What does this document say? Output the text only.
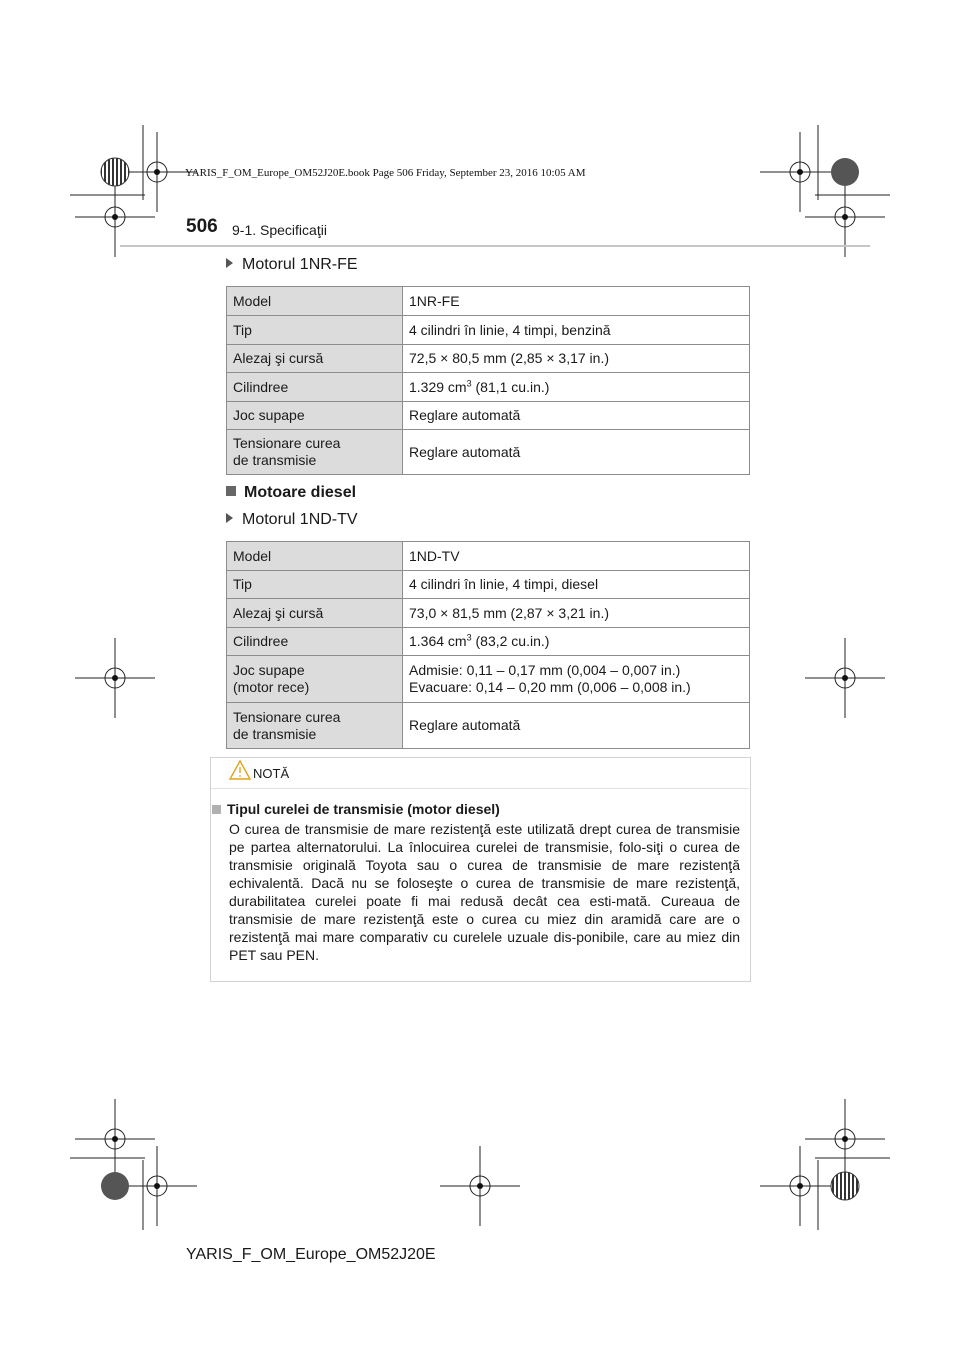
YARIS_F_OM_Europe_OM52J20E.book Page 506 Friday, September 23, 2016 10:05 AM
506 9-1. Specificaţii
Motorul 1NR-FE
Model	1NR-FE
Tip	4 cilindri în linie, 4 timpi, benzină
Alezaj şi cursă	72,5 × 80,5 mm (2,85 × 3,17 in.)
Cilindree	1.329 $cm^3$ (81,1 cu.in.)
Joc supape	Reglare automată
Tensionare curea
de transmisie	Reglare automată
Motoare diesel
Motorul 1ND-TV
Model	1ND-TV
Tip	4 cilindri în linie, 4 timpi, diesel
Alezaj şi cursă	73,0 × 81,5 mm (2,87 × 3,21 in.)
Cilindree	1.364 $cm^3$ (83,2 cu.in.)
Joc supape
(motor rece)	Admisie: 0,11 – 0,17 mm (0,004 – 0,007 in.)
Evacuare: 0,14 – 0,20 mm (0,006 – 0,008 in.)
Tensionare curea
de transmisie	Reglare automată
NOTĂ
Tipul curelei de transmisie (motor diesel)
O curea de transmisie de mare rezistenţă este utilizată drept curea de transmisie pe partea alternatorului. La înlocuirea curelei de transmisie, folo-siţi o curea de transmisie originală Toyota sau o curea de transmisie de mare rezistenţă echivalentă. Dacă nu se foloseşte o curea de transmisie de mare rezistenţă, durabilitatea curelei poate fi mai redusă decât cea esti-mată. Cureaua de transmisie de mare rezistenţă este o curea cu miez din aramidă care are o rezistenţă mai mare comparativ cu curelele uzuale dis-ponibile, care au miez din PET sau PEN.
YARIS_F_OM_Europe_OM52J20E
